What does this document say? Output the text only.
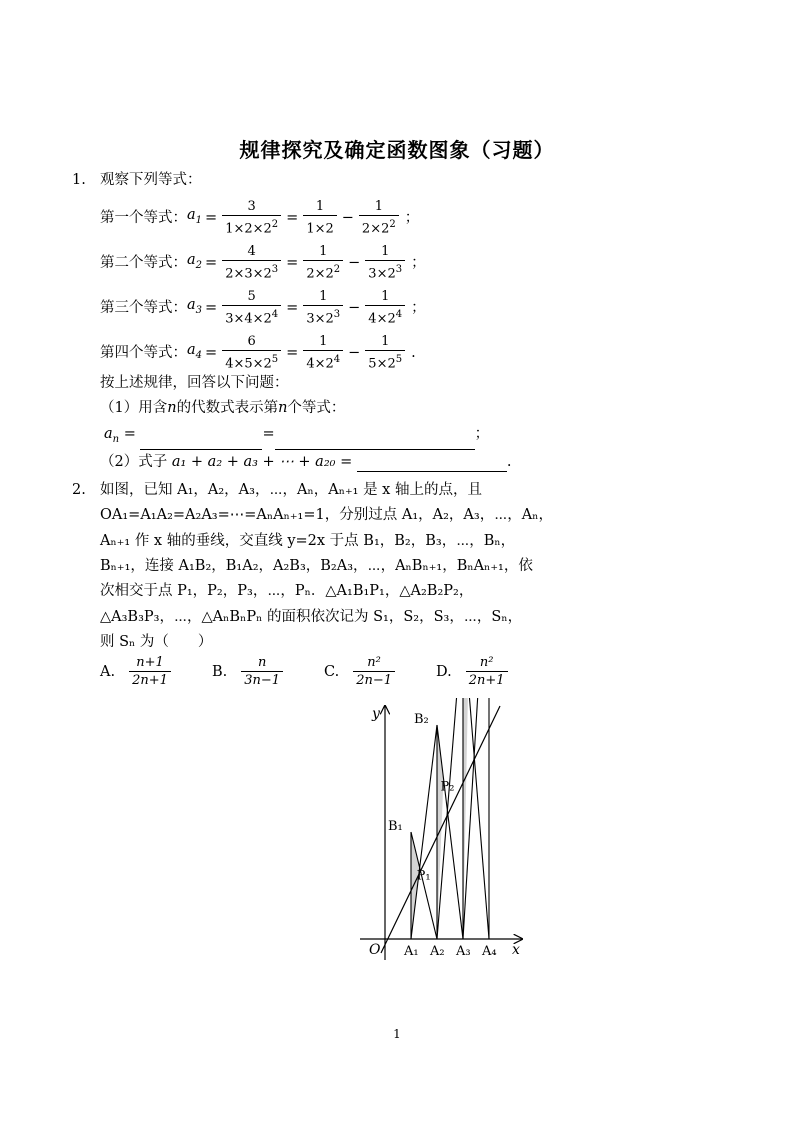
规律探究及确定函数图象（习题）
1. 观察下列等式：
第一个等式： $a_1 = \frac{3}{1\times 2\times 2^2} = \frac{1}{1\times 2} - \frac{1}{2\times 2^2}$ ；
第二个等式： $a_2 = \frac{4}{2\times 3\times 2^3} = \frac{1}{2\times 2^2} - \frac{1}{3\times 2^3}$ ；
第三个等式： $a_3 = \frac{5}{3\times 4\times 2^4} = \frac{1}{3\times 2^3} - \frac{1}{4\times 2^4}$ ；
第四个等式： $a_4 = \frac{6}{4\times 5\times 2^5} = \frac{1}{4\times 2^4} - \frac{1}{5\times 2^5}$ .
按上述规律，回答以下问题：
（1）用含n的代数式表示第n个等式：
$a_n$ =	=	；
（2）式子 a₁ + a₂ + a₃ + ⋯ + a₂₀ =	.
2. 如图，已知 A₁，A₂，A₃，⋯，Aₙ，Aₙ₊₁ 是 x 轴上的点，且
OA₁=A₁A₂=A₂A₃=⋯=AₙAₙ₊₁=1，分别过点 A₁，A₂，A₃，⋯，Aₙ，
Aₙ₊₁ 作 x 轴的垂线，交直线 y=2x 于点 B₁，B₂，B₃，⋯，Bₙ，
Bₙ₊₁，连接 A₁B₂，B₁A₂，A₂B₃，B₂A₃，⋯，AₙBₙ₊₁，BₙAₙ₊₁，依
次相交于点 P₁，P₂，P₃，⋯，Pₙ．△A₁B₁P₁，△A₂B₂P₂，
△A₃B₃P₃，⋯，△AₙBₙPₙ 的面积依次记为 S₁，S₂，S₃，⋯，Sₙ，
则 Sₙ 为（　　）
A. $\frac{n+1}{2n+1}$	B. $\frac{n}{3n-1}$	C. $\frac{\text{n²}}{2n-1}$	D. $\frac{\text{n²}}{2n+1}$
y
x
O A₁ A₂ A₃ A₄
B₁
B₂
P₁
P₂
1
